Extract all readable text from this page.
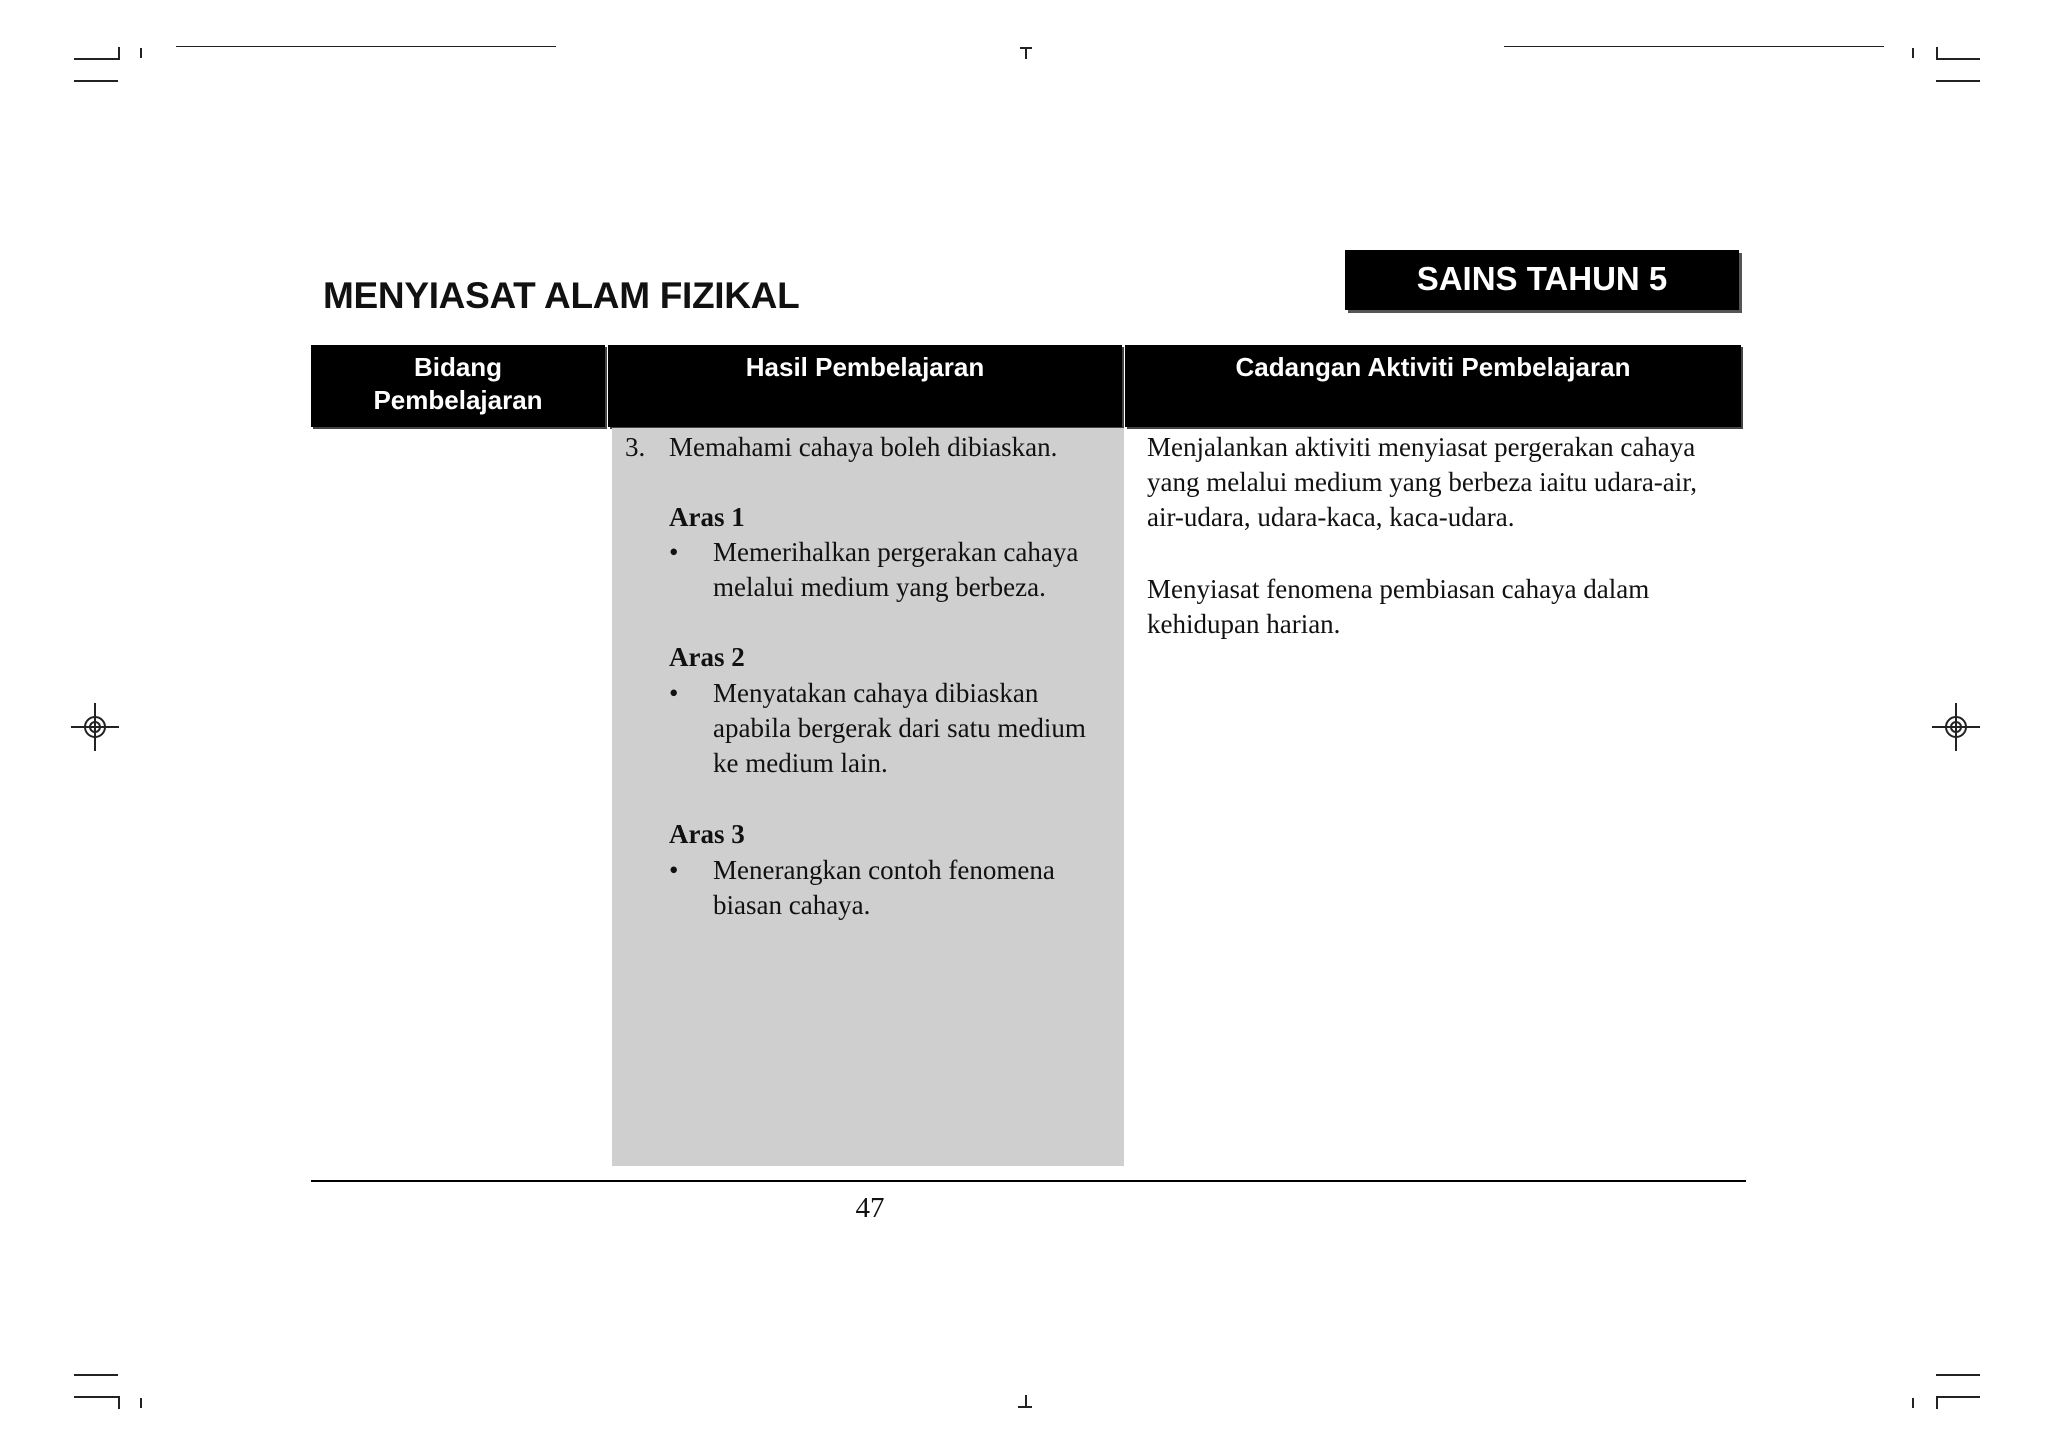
MENYIASAT ALAM FIZIKAL	SAINS TAHUN 5
Bidang
Pembelajaran
Hasil Pembelajaran	Cadangan Aktiviti Pembelajaran
3. Memahami cahaya boleh dibiaskan.
Aras 1
• Memerihalkan pergerakan cahaya
melalui medium yang berbeza.
Aras 2
• Menyatakan cahaya dibiaskan
apabila bergerak dari satu medium
ke medium lain.
Aras 3
• Menerangkan contoh fenomena
biasan cahaya.
Menjalankan aktiviti menyiasat pergerakan cahaya
yang melalui medium yang berbeza iaitu udara-air,
air-udara, udara-kaca, kaca-udara.
Menyiasat fenomena pembiasan cahaya dalam
kehidupan harian.
47
